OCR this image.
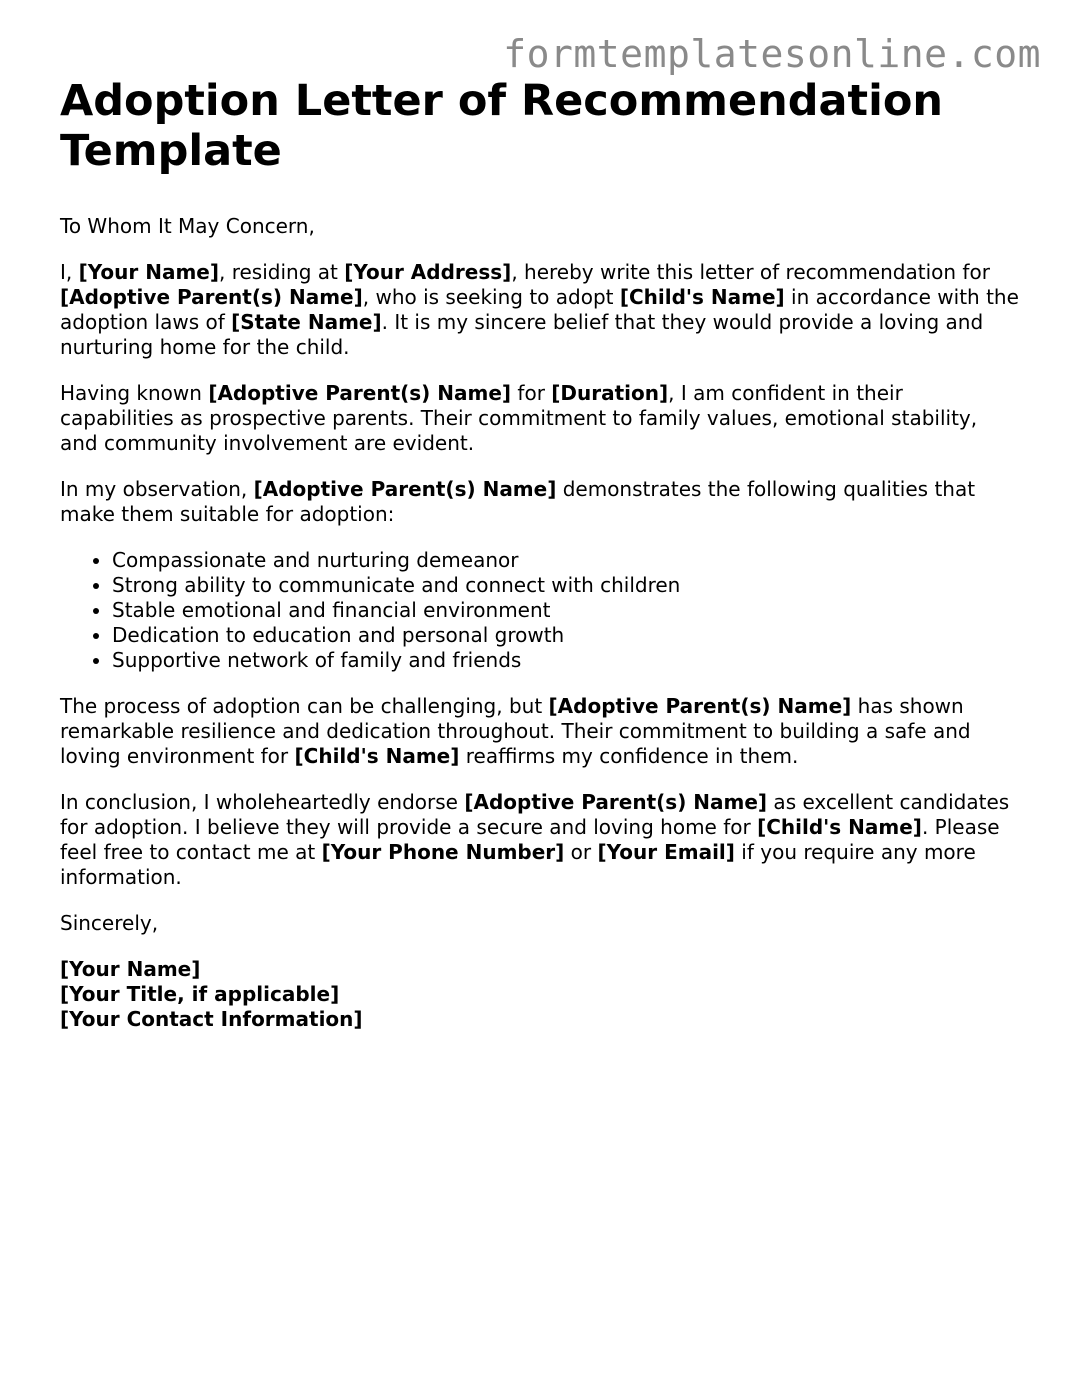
formtemplatesonline.com
Adoption Letter of Recommendation Template

To Whom It May Concern,

I, [Your Name], residing at [Your Address], hereby write this letter of recommendation for [Adoptive Parent(s) Name], who is seeking to adopt [Child's Name] in accordance with the adoption laws of [State Name]. It is my sincere belief that they would provide a loving and nurturing home for the child.

Having known [Adoptive Parent(s) Name] for [Duration], I am confident in their capabilities as prospective parents. Their commitment to family values, emotional stability, and community involvement are evident.

In my observation, [Adoptive Parent(s) Name] demonstrates the following qualities that make them suitable for adoption:

• Compassionate and nurturing demeanor
• Strong ability to communicate and connect with children
• Stable emotional and financial environment
• Dedication to education and personal growth
• Supportive network of family and friends

The process of adoption can be challenging, but [Adoptive Parent(s) Name] has shown remarkable resilience and dedication throughout. Their commitment to building a safe and loving environment for [Child's Name] reaffirms my confidence in them.

In conclusion, I wholeheartedly endorse [Adoptive Parent(s) Name] as excellent candidates for adoption. I believe they will provide a secure and loving home for [Child's Name]. Please feel free to contact me at [Your Phone Number] or [Your Email] if you require any more information.

Sincerely,

[Your Name]
[Your Title, if applicable]
[Your Contact Information]
